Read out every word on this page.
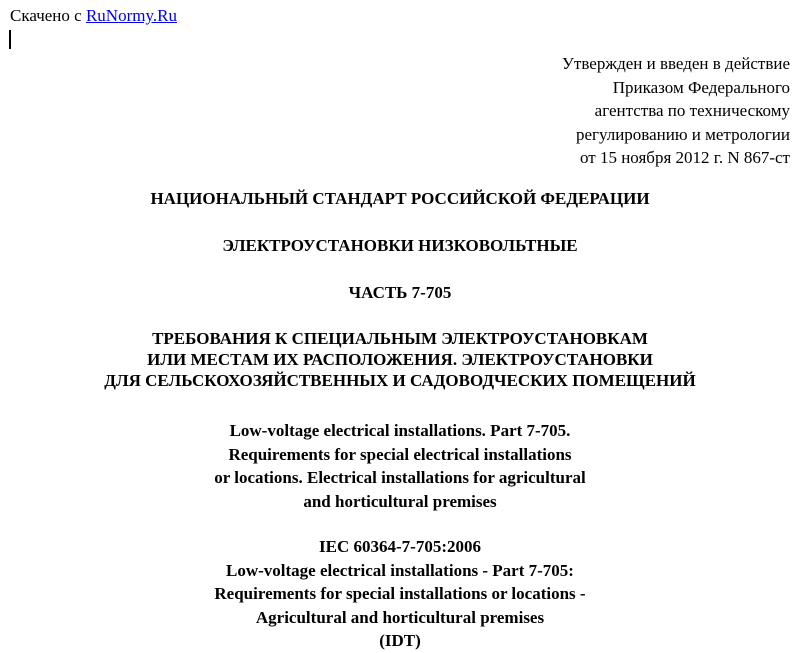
Скачено с RuNormy.Ru
Утвержден и введен в действие
Приказом Федерального
агентства по техническому
регулированию и метрологии
от 15 ноября 2012 г. N 867-ст
НАЦИОНАЛЬНЫЙ СТАНДАРТ РОССИЙСКОЙ ФЕДЕРАЦИИ
ЭЛЕКТРОУСТАНОВКИ НИЗКОВОЛЬТНЫЕ
ЧАСТЬ 7-705
ТРЕБОВАНИЯ К СПЕЦИАЛЬНЫМ ЭЛЕКТРОУСТАНОВКАМ
ИЛИ МЕСТАМ ИХ РАСПОЛОЖЕНИЯ. ЭЛЕКТРОУСТАНОВКИ
ДЛЯ СЕЛЬСКОХОЗЯЙСТВЕННЫХ И САДОВОДЧЕСКИХ ПОМЕЩЕНИЙ
Low-voltage electrical installations. Part 7-705.
Requirements for special electrical installations
or locations. Electrical installations for agricultural
and horticultural premises
IEC 60364-7-705:2006
Low-voltage electrical installations - Part 7-705:
Requirements for special installations or locations -
Agricultural and horticultural premises
(IDT)
